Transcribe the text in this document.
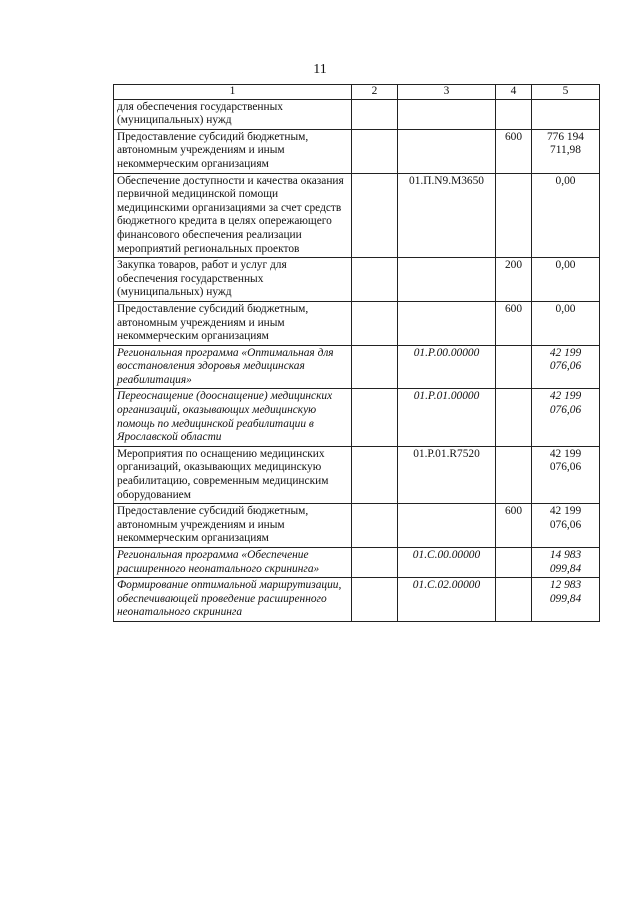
11
1	2	3	4	5
для обеспечения государственных (муниципальных) нужд				
Предоставление субсидий бюджетным, автономным учреждениям и иным некоммерческим организациям			600	776 194 711,98
Обеспечение доступности и качества оказания первичной медицинской помощи медицинскими организациями за счет средств бюджетного кредита в целях опережающего финансового обеспечения реализации мероприятий региональных проектов		01.П.N9.М3650		0,00
Закупка товаров, работ и услуг для обеспечения государственных (муниципальных) нужд			200	0,00
Предоставление субсидий бюджетным, автономным учреждениям и иным некоммерческим организациям			600	0,00
Региональная программа «Оптимальная для восстановления здоровья медицинская реабилитация»		01.Р.00.00000		42 199 076,06
Переоснащение (дооснащение) медицинских организаций, оказывающих медицинскую помощь по медицинской реабилитации в Ярославской области		01.Р.01.00000		42 199 076,06
Мероприятия по оснащению медицинских организаций, оказывающих медицинскую реабилитацию, современным медицинским оборудованием		01.Р.01.R7520		42 199 076,06
Предоставление субсидий бюджетным, автономным учреждениям и иным некоммерческим организациям			600	42 199 076,06
Региональная программа «Обеспечение расширенного неонатального скрининга»		01.С.00.00000		14 983 099,84
Формирование оптимальной маршрутизации, обеспечивающей проведение расширенного неонатального скрининга		01.С.02.00000		12 983 099,84
